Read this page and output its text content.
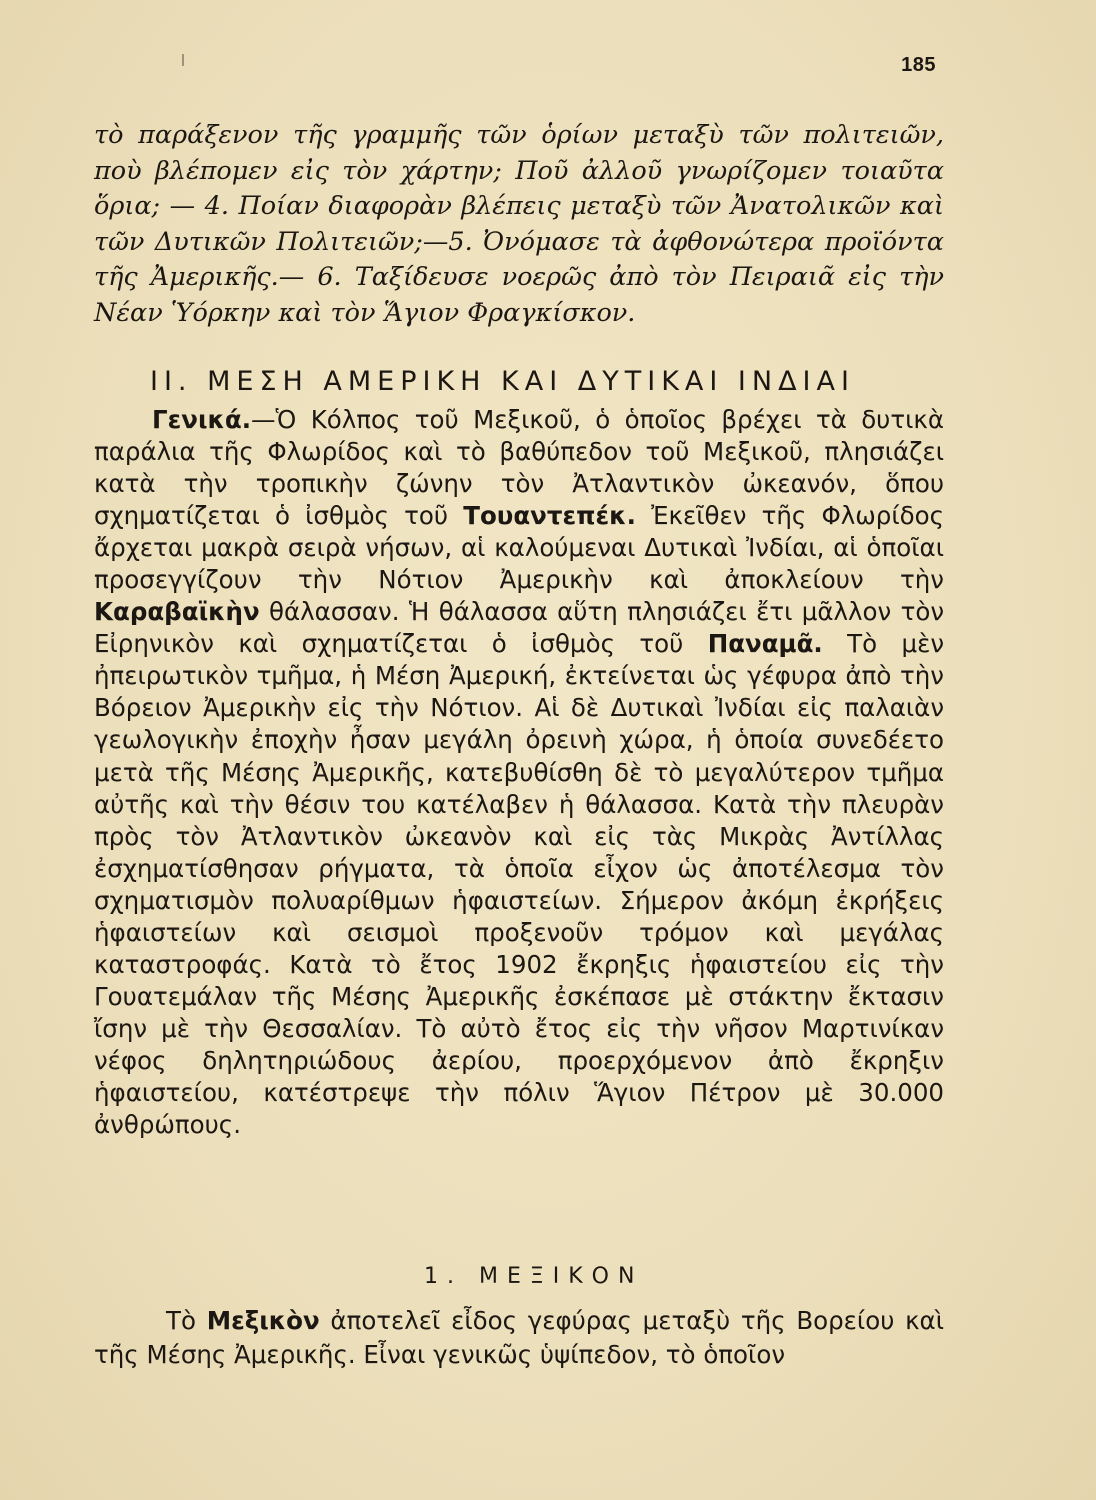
185
τὸ παράξενον τῆς γραμμῆς τῶν ὁρίων μεταξὺ τῶν πολιτειῶν, ποὺ βλέπομεν εἰς τὸν χάρτην; Ποῦ ἀλλοῦ γνωρίζομεν τοιαῦτα ὅρια; — 4. Ποίαν διαφορὰν βλέπεις μεταξὺ τῶν Ἀνατολικῶν καὶ τῶν Δυτικῶν Πολιτειῶν;—5. Ὀνόμασε τὰ ἀφθονώτερα προϊόντα τῆς Ἀμερικῆς.— 6. Ταξίδευσε νοερῶς ἀπὸ τὸν Πειραιᾶ εἰς τὴν Νέαν Ὑόρκην καὶ τὸν Ἅγιον Φραγκίσκον.
II. ΜΕΣΗ ΑΜΕΡΙΚΗ ΚΑΙ ΔΥΤΙΚΑΙ ΙΝΔΙΑΙ
Γενικά.—Ὁ Κόλπος τοῦ Μεξικοῦ, ὁ ὁποῖος βρέχει τὰ δυτικὰ παράλια τῆς Φλωρίδος καὶ τὸ βαθύπεδον τοῦ Μεξικοῦ, πλησιάζει κατὰ τὴν τροπικὴν ζώνην τὸν Ἀτλαντικὸν ὠκεανόν, ὅπου σχηματίζεται ὁ ἰσθμὸς τοῦ Τουαντεπέκ. Ἐκεῖθεν τῆς Φλωρίδος ἄρχεται μακρὰ σειρὰ νήσων, αἱ καλούμεναι Δυτικαὶ Ἰνδίαι, αἱ ὁποῖαι προσεγγίζουν τὴν Νότιον Ἀμερικὴν καὶ ἀποκλείουν τὴν Καραβαϊκὴν θάλασσαν. Ἡ θάλασσα αὕτη πλησιάζει ἔτι μᾶλλον τὸν Εἰρηνικὸν καὶ σχηματίζεται ὁ ἰσθμὸς τοῦ Παναμᾶ. Τὸ μὲν ἠπειρωτικὸν τμῆμα, ἡ Μέση Ἀμερική, ἐκτείνεται ὡς γέφυρα ἀπὸ τὴν Βόρειον Ἀμερικὴν εἰς τὴν Νότιον. Αἱ δὲ Δυτικαὶ Ἰνδίαι εἰς παλαιὰν γεωλογικὴν ἐποχὴν ἦσαν μεγάλη ὀρεινὴ χώρα, ἡ ὁποία συνεδέετο μετὰ τῆς Μέσης Ἀμερικῆς, κατεβυθίσθη δὲ τὸ μεγαλύτερον τμῆμα αὐτῆς καὶ τὴν θέσιν του κατέλαβεν ἡ θάλασσα. Κατὰ τὴν πλευρὰν πρὸς τὸν Ἀτλαντικὸν ὠκεανὸν καὶ εἰς τὰς Μικρὰς Ἀντίλλας ἐσχηματίσθησαν ρήγματα, τὰ ὁποῖα εἶχον ὡς ἀποτέλεσμα τὸν σχηματισμὸν πολυαρίθμων ἡφαιστείων. Σήμερον ἀκόμη ἐκρήξεις ἡφαιστείων καὶ σεισμοὶ προξενοῦν τρόμον καὶ μεγάλας καταστροφάς. Κατὰ τὸ ἔτος 1902 ἔκρηξις ἡφαιστείου εἰς τὴν Γουατεμάλαν τῆς Μέσης Ἀμερικῆς ἐσκέπασε μὲ στάκτην ἔκτασιν ἴσην μὲ τὴν Θεσσαλίαν. Τὸ αὐτὸ ἔτος εἰς τὴν νῆσον Μαρτινίκαν νέφος δηλητηριώδους ἀερίου, προερχόμενον ἀπὸ ἔκρηξιν ἡφαιστείου, κατέστρεψε τὴν πόλιν Ἅγιον Πέτρον μὲ 30.000 ἀνθρώπους.
1. ΜΕΞΙΚΟΝ
Τὸ Μεξικὸν ἀποτελεῖ εἶδος γεφύρας μεταξὺ τῆς Βορείου καὶ τῆς Μέσης Ἀμερικῆς. Εἶναι γενικῶς ὑψίπεδον, τὸ ὁποῖον
